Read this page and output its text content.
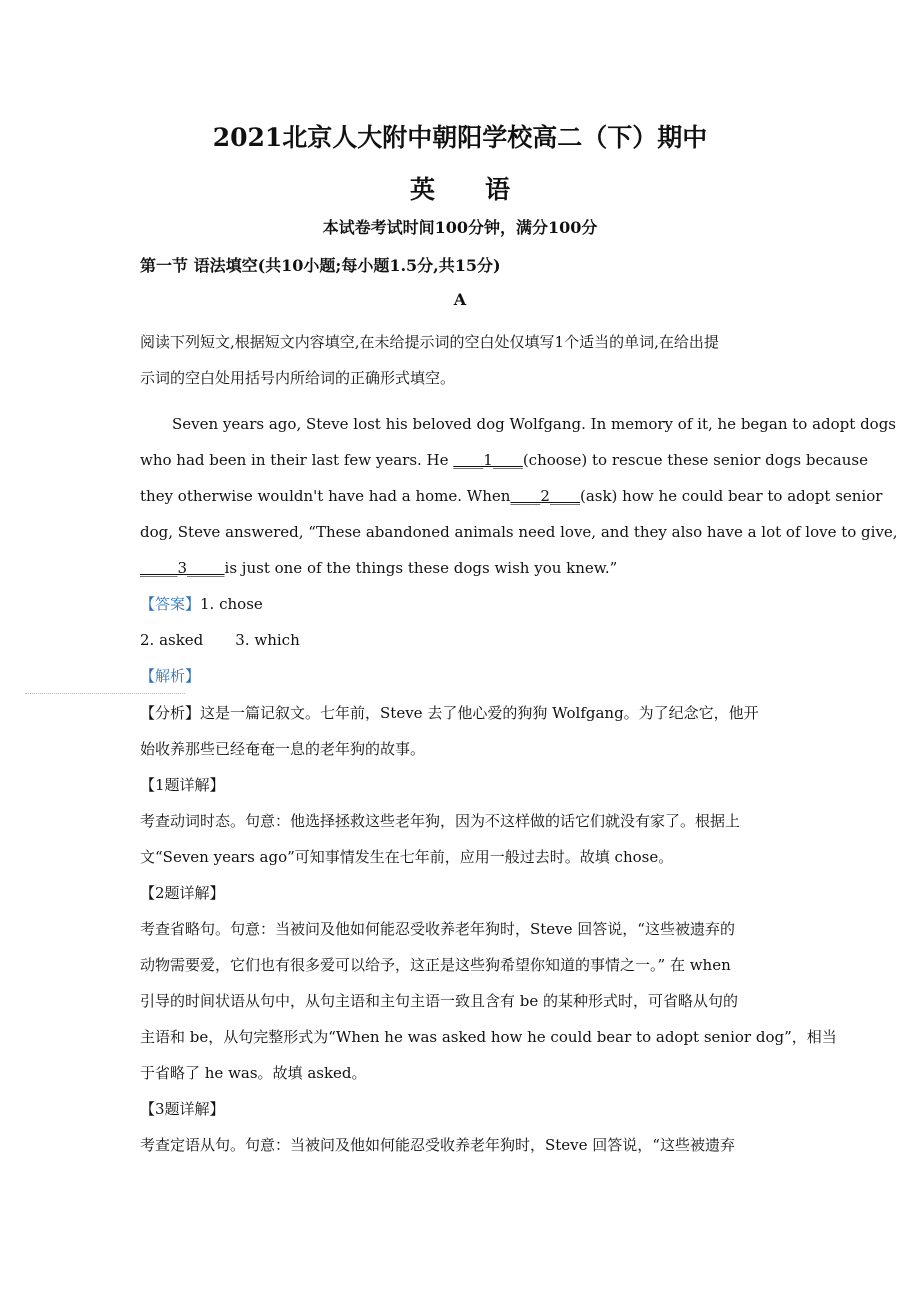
2021北京人大附中朝阳学校高二（下）期中
英　　语
本试卷考试时间100分钟，满分100分
第一节 语法填空(共10小题;每小题1.5分,共15分)
A
阅读下列短文,根据短文内容填空,在未给提示词的空白处仅填写1个适当的单词,在给出提
示词的空白处用括号内所给词的正确形式填空。
Seven years ago, Steve lost his beloved dog Wolfgang. In memory of it, he began to adopt dogs
who had been in their last few years. He ____1____(choose) to rescue these senior dogs because
they otherwise wouldn't have had a home. When____2____(ask) how he could bear to adopt senior
dog, Steve answered, “These abandoned animals need love, and they also have a lot of love to give,
_____3_____is just one of the things these dogs wish you knew.”
【答案】1. chose
2. asked 3. which
【解析】
【分析】这是一篇记叙文。七年前，Steve 去了他心爱的狗狗 Wolfgang。为了纪念它，他开
始收养那些已经奄奄一息的老年狗的故事。
【1题详解】
考查动词时态。句意：他选择拯救这些老年狗，因为不这样做的话它们就没有家了。根据上
文“Seven years ago”可知事情发生在七年前，应用一般过去时。故填 chose。
【2题详解】
考查省略句。句意：当被问及他如何能忍受收养老年狗时，Steve 回答说，“这些被遗弃的
动物需要爱，它们也有很多爱可以给予，这正是这些狗希望你知道的事情之一。” 在 when
引导的时间状语从句中，从句主语和主句主语一致且含有 be 的某种形式时，可省略从句的
主语和 be，从句完整形式为“When he was asked how he could bear to adopt senior dog”，相当
于省略了 he was。故填 asked。
【3题详解】
考查定语从句。句意：当被问及他如何能忍受收养老年狗时，Steve 回答说，“这些被遗弃
